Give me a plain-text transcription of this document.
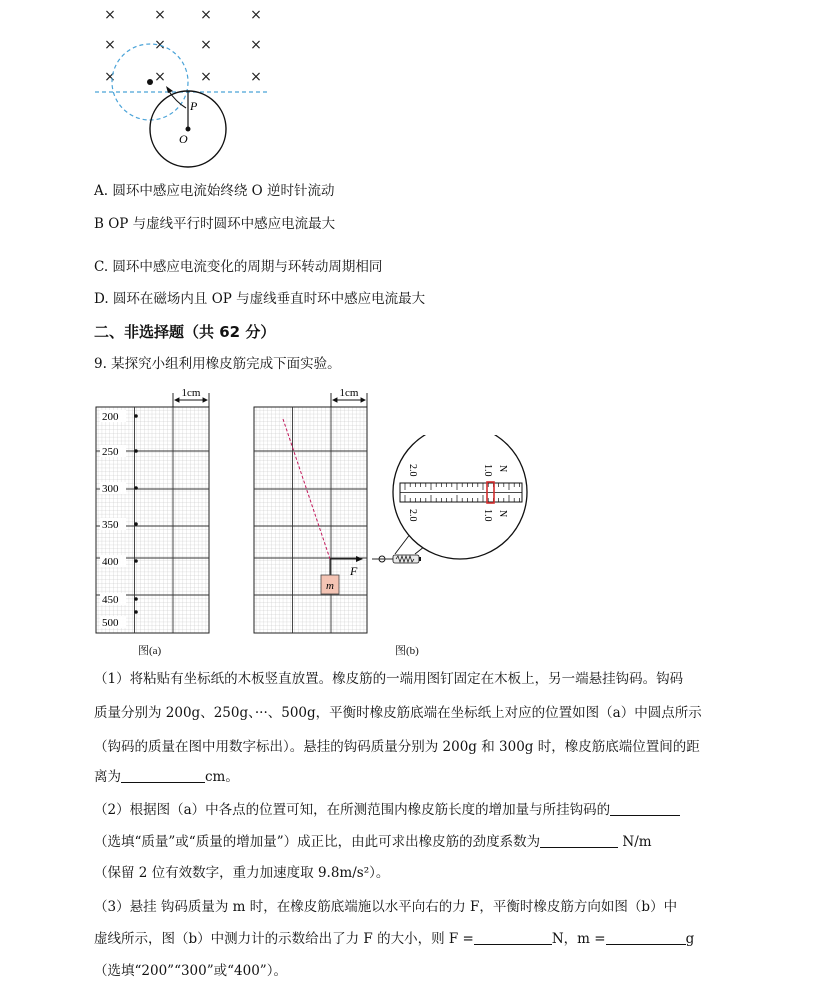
×	× ×	×
×	× ×	×
×	× ×	×
P
O
A. 圆环中感应电流始终绕 O 逆时针流动
B OP 与虚线平行时圆环中感应电流最大
C. 圆环中感应电流变化的周期与环转动周期相同
D. 圆环在磁场内且 OP 与虚线垂直时环中感应电流最大
二、非选择题（共 62 分）
9. 某探究小组利用橡皮筋完成下面实验。
1cm
200
250
300
350
400
450
500
图(a)
1cm
m
F
2.0	1.0 N
2.0	1.0 N
图(b)
（1）将粘贴有坐标纸的木板竖直放置。橡皮筋的一端用图钉固定在木板上，另一端悬挂钩码。钩码
质量分别为 200g、250g、···、500g，平衡时橡皮筋底端在坐标纸上对应的位置如图（a）中圆点所示
（钩码的质量在图中用数字标出）。悬挂的钩码质量分别为 200g 和 300g 时，橡皮筋底端位置间的距
离为	cm。
（2）根据图（a）中各点的位置可知，在所测范围内橡皮筋长度的增加量与所挂钩码的
（选填“质量”或“质量的增加量”）成正比，由此可求出橡皮筋的劲度系数为	N/m
（保留 2 位有效数字，重力加速度取 9.8m/s²）。
（3）悬挂 钩码质量为 m 时，在橡皮筋底端施以水平向右的力 F，平衡时橡皮筋方向如图（b）中
虚线所示，图（b）中测力计的示数给出了力 F 的大小，则 F =	N，m =	g
（选填“200”“300”或“400”）。
